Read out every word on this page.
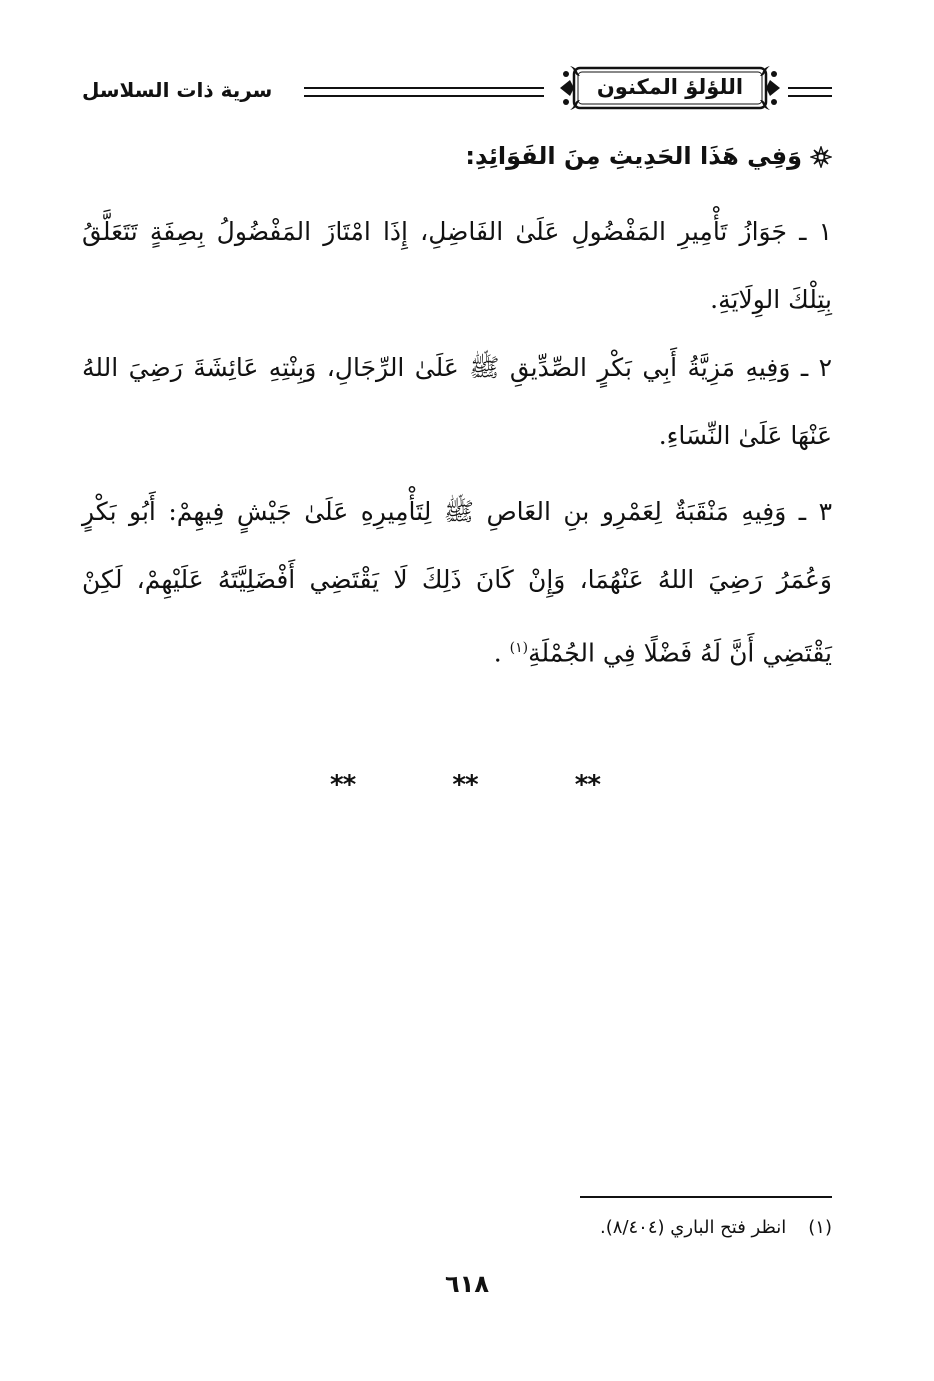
اللؤلؤ المكنون
سرية ذات السلاسل
وَفِي هَذَا الحَدِيثِ مِنَ الفَوَائِدِ:
١ ـ جَوَازُ تَأْمِيرِ المَفْضُولِ عَلَىٰ الفَاضِلِ، إِذَا امْتَازَ المَفْضُولُ بِصِفَةٍ تَتَعَلَّقُ بِتِلْكَ الوِلَايَةِ.
٢ ـ وَفِيهِ مَزِيَّةُ أَبِي بَكْرٍ الصِّدِّيقِ ﷺ عَلَىٰ الرِّجَالِ، وَبِنْتِهِ عَائِشَةَ رَضِيَ اللهُ عَنْهَا عَلَىٰ النِّسَاءِ.
٣ ـ وَفِيهِ مَنْقَبَةٌ لِعَمْرِو بنِ العَاصِ ﷺ لِتَأْمِيرِهِ عَلَىٰ جَيْشٍ فِيهِمْ: أَبُو بَكْرٍ وَعُمَرُ رَضِيَ اللهُ عَنْهُمَا، وَإِنْ كَانَ ذَلِكَ لَا يَقْتَضِي أَفْضَلِيَّتَهُ عَلَيْهِمْ، لَكِنْ يَقْتَضِي أَنَّ لَهُ فَضْلًا فِي الجُمْلَةِ$^{(١)}$ .
**	**	**
(١)انظر فتح الباري (٨/٤٠٤).
٦١٨
